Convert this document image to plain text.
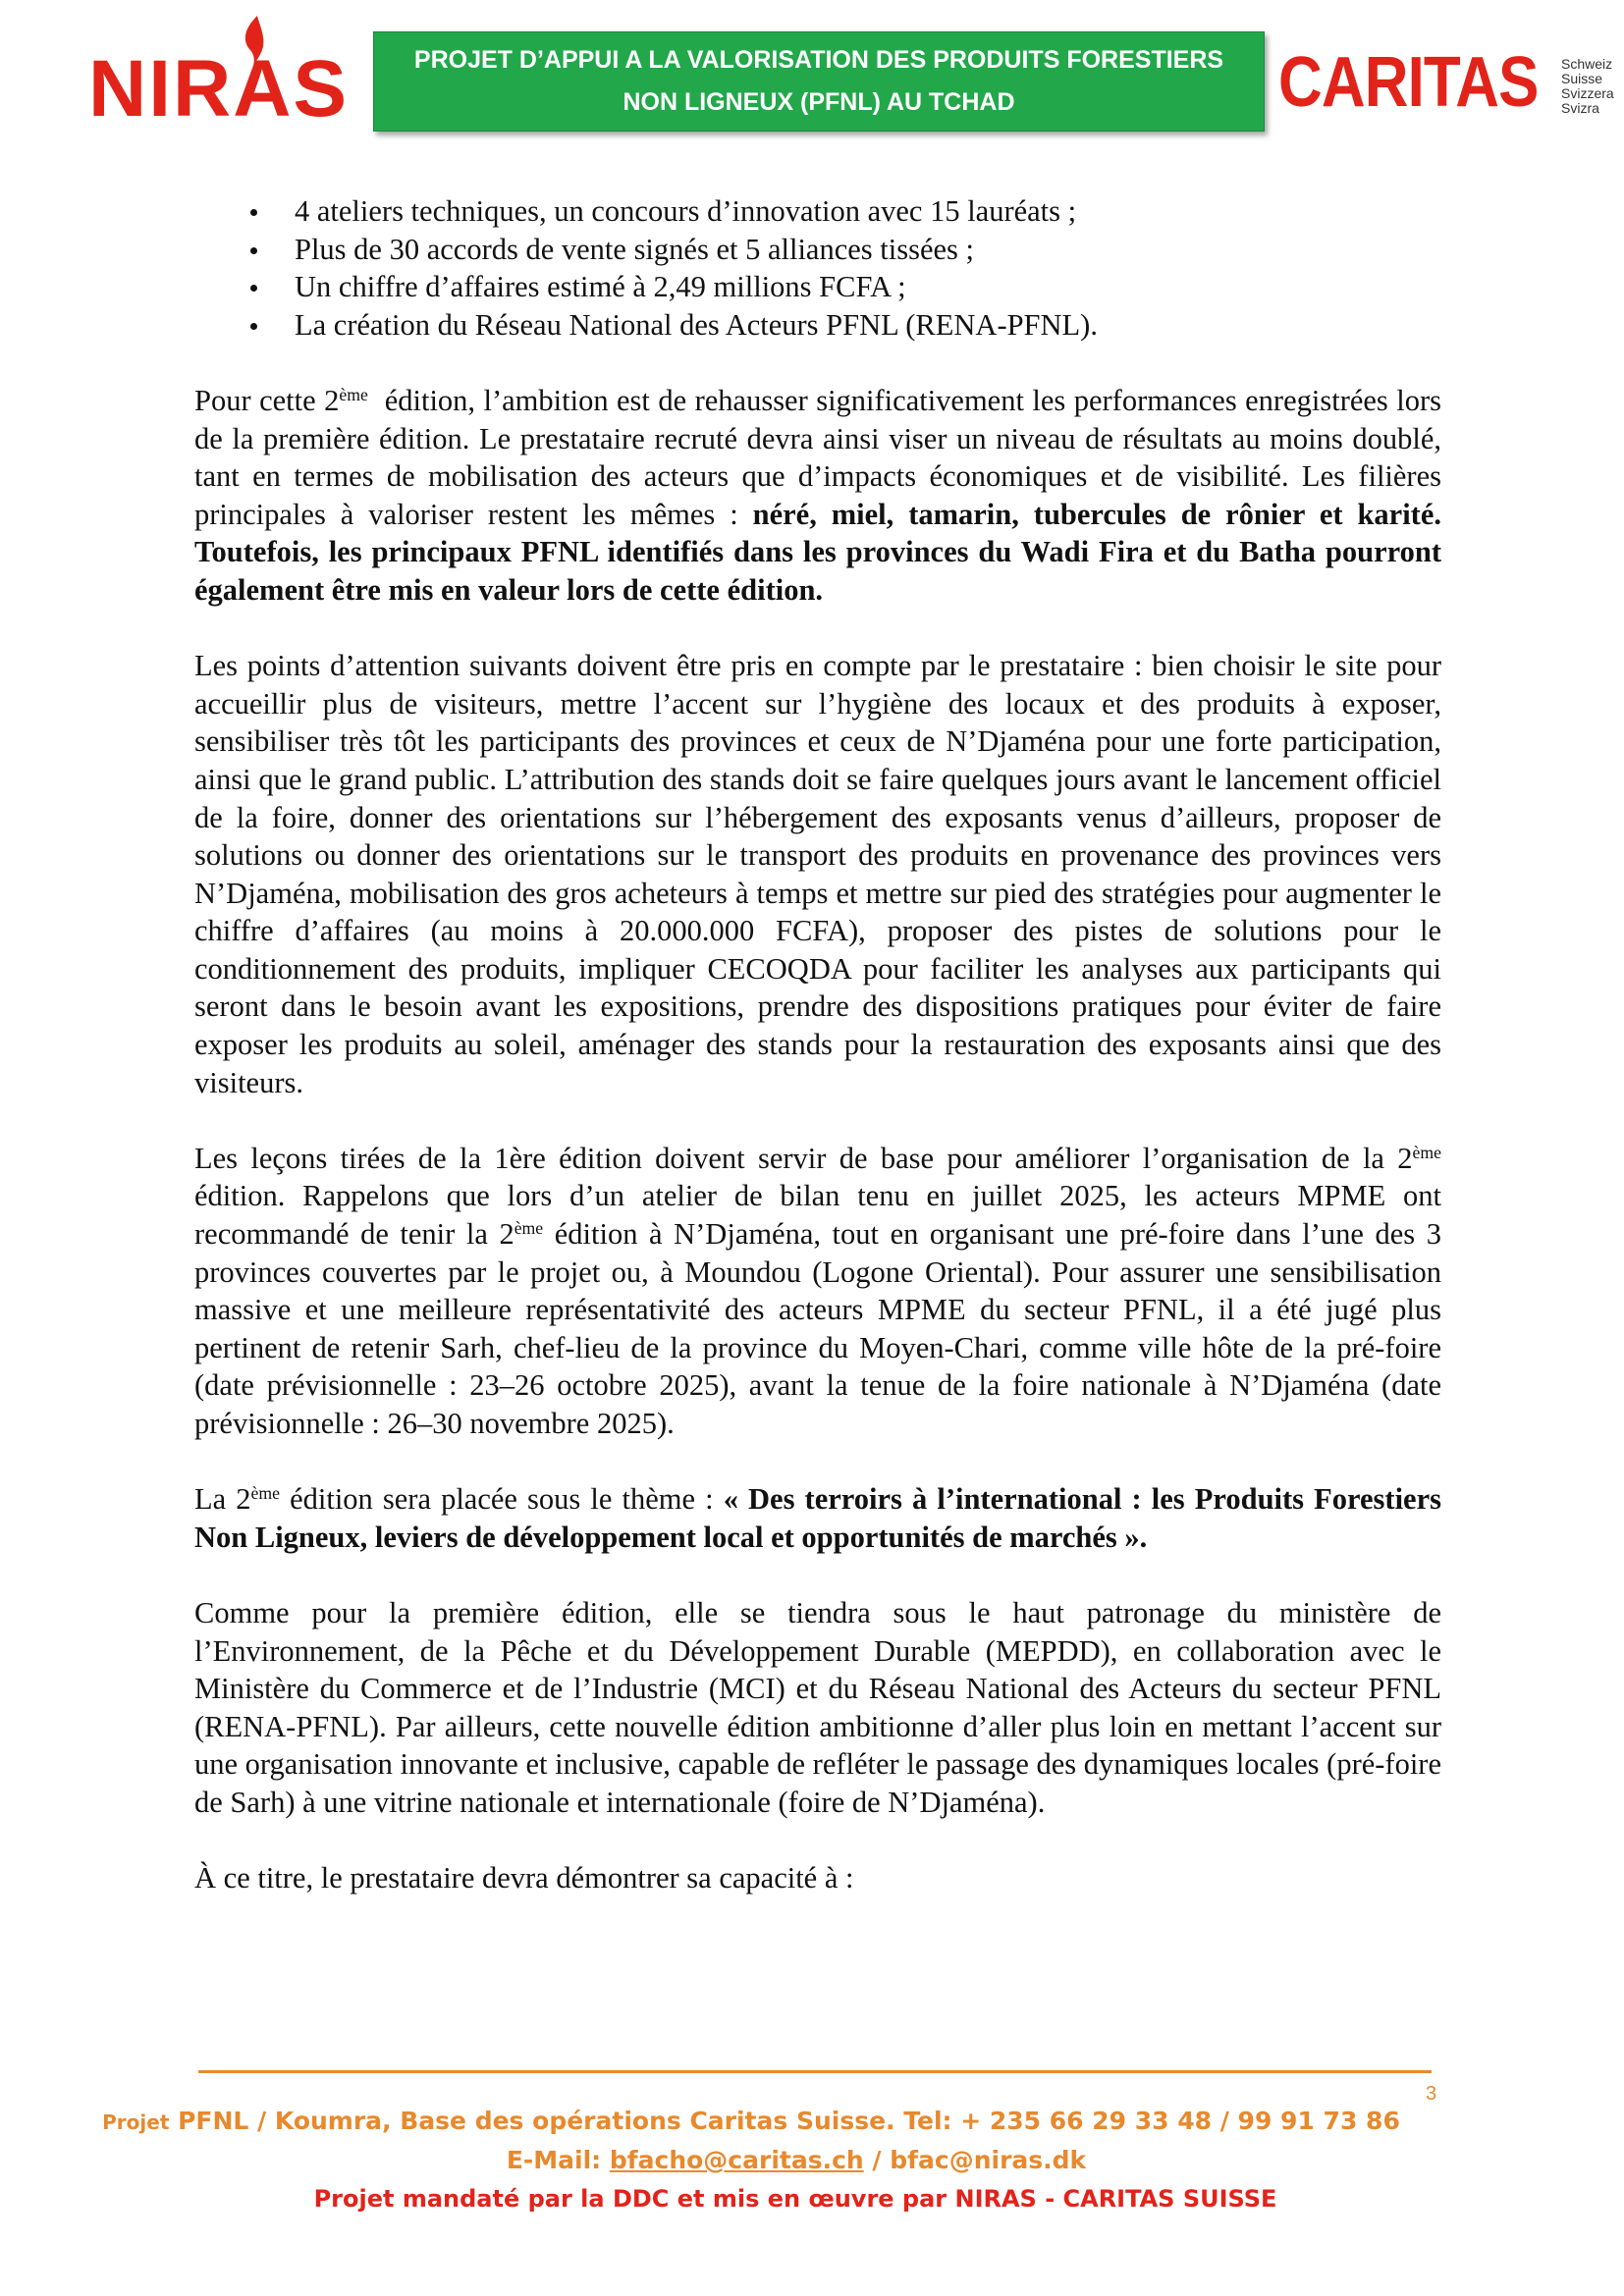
NIRAS	PROJET D’APPUI A LA VALORISATION DES PRODUITS FORESTIERS
NON LIGNEUX (PFNL) AU TCHAD	CARITAS Schweiz
Suisse
Svizzera
Svizra
4 ateliers techniques, un concours d’innovation avec 15 lauréats ;
Plus de 30 accords de vente signés et 5 alliances tissées ;
Un chiffre d’affaires estimé à 2,49 millions FCFA ;
La création du Réseau National des Acteurs PFNL (RENA-PFNL).

Pour cette 2ème  édition, l’ambition est de rehausser significativement les performances enregistrées lors de la première édition. Le prestataire recruté devra ainsi viser un niveau de résultats au moins doublé, tant en termes de mobilisation des acteurs que d’impacts économiques et de visibilité. Les filières principales à valoriser restent les mêmes : néré, miel, tamarin, tubercules de rônier et karité. Toutefois, les principaux PFNL identifiés dans les provinces du Wadi Fira et du Batha pourront également être mis en valeur lors de cette édition.

Les points d’attention suivants doivent être pris en compte par le prestataire : bien choisir le site pour accueillir plus de visiteurs, mettre l’accent sur l’hygiène des locaux et des produits à exposer, sensibiliser très tôt les participants des provinces et ceux de N’Djaména pour une forte participation, ainsi que le grand public. L’attribution des stands doit se faire quelques jours avant le lancement officiel de la foire, donner des orientations sur l’hébergement des exposants venus d’ailleurs, proposer de solutions ou donner des orientations sur le transport des produits en provenance des provinces vers N’Djaména, mobilisation des gros acheteurs à temps et mettre sur pied des stratégies pour augmenter le chiffre d’affaires (au moins à 20.000.000 FCFA), proposer des pistes de solutions pour le conditionnement des produits, impliquer CECOQDA pour faciliter les analyses aux participants qui seront dans le besoin avant les expositions, prendre des dispositions pratiques pour éviter de faire exposer les produits au soleil, aménager des stands pour la restauration des exposants ainsi que des visiteurs.

Les leçons tirées de la 1ère édition doivent servir de base pour améliorer l’organisation de la 2ème édition. Rappelons que lors d’un atelier de bilan tenu en juillet 2025, les acteurs MPME ont recommandé de tenir la 2ème édition à N’Djaména, tout en organisant une pré-foire dans l’une des 3 provinces couvertes par le projet ou, à Moundou (Logone Oriental). Pour assurer une sensibilisation massive et une meilleure représentativité des acteurs MPME du secteur PFNL, il a été jugé plus pertinent de retenir Sarh, chef-lieu de la province du Moyen-Chari, comme ville hôte de la pré-foire (date prévisionnelle : 23–26 octobre 2025), avant la tenue de la foire nationale à N’Djaména (date prévisionnelle : 26–30 novembre 2025).

La 2ème édition sera placée sous le thème : « Des terroirs à l’international : les Produits Forestiers Non Ligneux, leviers de développement local et opportunités de marchés ».

Comme pour la première édition, elle se tiendra sous le haut patronage du ministère de l’Environnement, de la Pêche et du Développement Durable (MEPDD), en collaboration avec le Ministère du Commerce et de l’Industrie (MCI) et du Réseau National des Acteurs du secteur PFNL (RENA-PFNL). Par ailleurs, cette nouvelle édition ambitionne d’aller plus loin en mettant l’accent sur une organisation innovante et inclusive, capable de refléter le passage des dynamiques locales (pré-foire de Sarh) à une vitrine nationale et internationale (foire de N’Djaména).

À ce titre, le prestataire devra démontrer sa capacité à :

3
Projet PFNL / Koumra, Base des opérations Caritas Suisse. Tel: + 235 66 29 33 48 / 99 91 73 86
E-Mail: bfacho@caritas.ch / bfac@niras.dk
Projet mandaté par la DDC et mis en œuvre par NIRAS - CARITAS SUISSE
